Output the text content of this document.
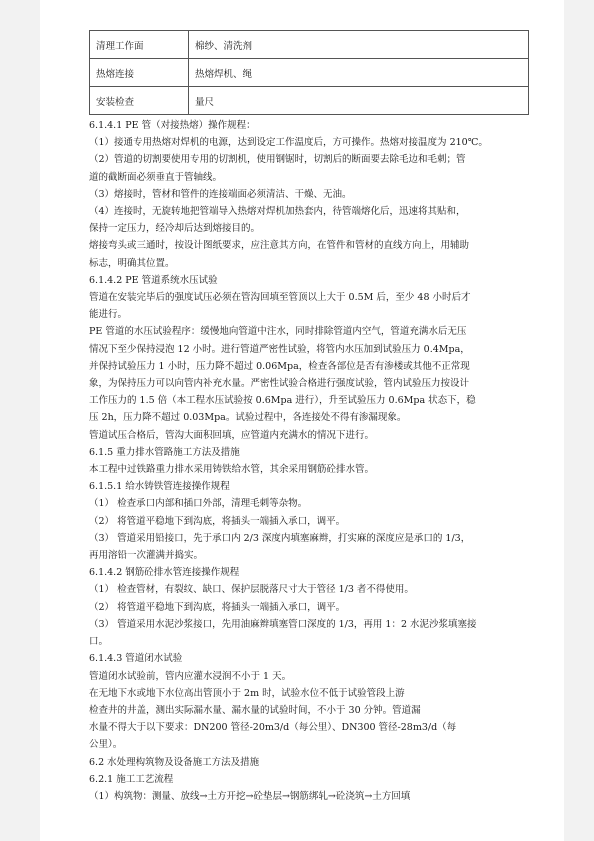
清理工作面	棉纱、清洗剂
热熔连接	热熔焊机、绳
安装检查	量尺
6.1.4.1 PE 管（对接热熔）操作规程：
（1）接通专用热熔对焊机的电源，达到设定工作温度后，方可操作。热熔对接温度为 210℃。
（2）管道的切割要使用专用的切割机，使用钢锯时，切割后的断面要去除毛边和毛刺；管
道的截断面必须垂直于管轴线。
（3）熔接时，管材和管件的连接端面必须清洁、干燥、无油。
（4）连接时，无旋转地把管端导入热熔对焊机加热套内，待管端熔化后，迅速将其贴和，
保持一定压力，经冷却后达到熔接目的。
熔接弯头或三通时，按设计图纸要求，应注意其方向，在管件和管材的直线方向上，用辅助
标志，明确其位置。
6.1.4.2 PE 管道系统水压试验
管道在安装完毕后的强度试压必须在管沟回填至管顶以上大于 0.5M 后，至少 48 小时后才
能进行。
PE 管道的水压试验程序：缓慢地向管道中注水，同时排除管道内空气，管道充满水后无压
情况下至少保持浸泡 12 小时。进行管道严密性试验，将管内水压加到试验压力 0.4Mpa，
并保持试验压力 1 小时，压力降不超过 0.06Mpa，检查各部位是否有渗楼或其他不正常现
象，为保持压力可以向管内补充水量。严密性试验合格进行强度试验，管内试验压力按设计
工作压力的 1.5 倍（本工程水压试验按 0.6Mpa 进行），升至试验压力 0.6Mpa 状态下，稳
压 2h，压力降不超过 0.03Mpa。试验过程中，各连接处不得有渗漏现象。
管道试压合格后，管沟大面积回填，应管道内充满水的情况下进行。
6.1.5 重力排水管路施工方法及措施
本工程中过铁路重力排水采用铸铁给水管，其余采用钢筋砼排水管。
6.1.5.1 给水铸铁管连接操作规程
（1） 检查承口内部和插口外部，清理毛刺等杂物。
（2） 将管道平稳地下到沟底，将插头一端插入承口，调平。
（3） 管道采用铅接口，先于承口内 2/3 深度内填塞麻辫，打实麻的深度应是承口的 1/3，
再用溶铅一次灌满并捣实。
6.1.4.2 钢筋砼排水管连接操作规程
（1） 检查管材，有裂纹、缺口、保护层脱落尺寸大于管径 1/3 者不得使用。
（2） 将管道平稳地下到沟底，将插头一端插入承口，调平。
（3） 管道采用水泥沙浆接口，先用油麻辫填塞管口深度的 1/3，再用 1：2 水泥沙浆填塞接
口。
6.1.4.3 管道闭水试验
管道闭水试验前，管内应灌水浸润不小于 1 天。
在无地下水或地下水位高出管顶小于 2m 时，试验水位不低于试验管段上游
检查井的井盖，测出实际漏水量、漏水量的试验时间，不小于 30 分钟。管道漏
水量不得大于以下要求：DN200 管径-20m3/d（每公里）、DN300 管径-28m3/d（每
公里）。
6.2 水处理构筑物及设备施工方法及措施
6.2.1 施工工艺流程
（1）构筑物：测量、放线→土方开挖→砼垫层→钢筋绑轧→砼浇筑→土方回填
